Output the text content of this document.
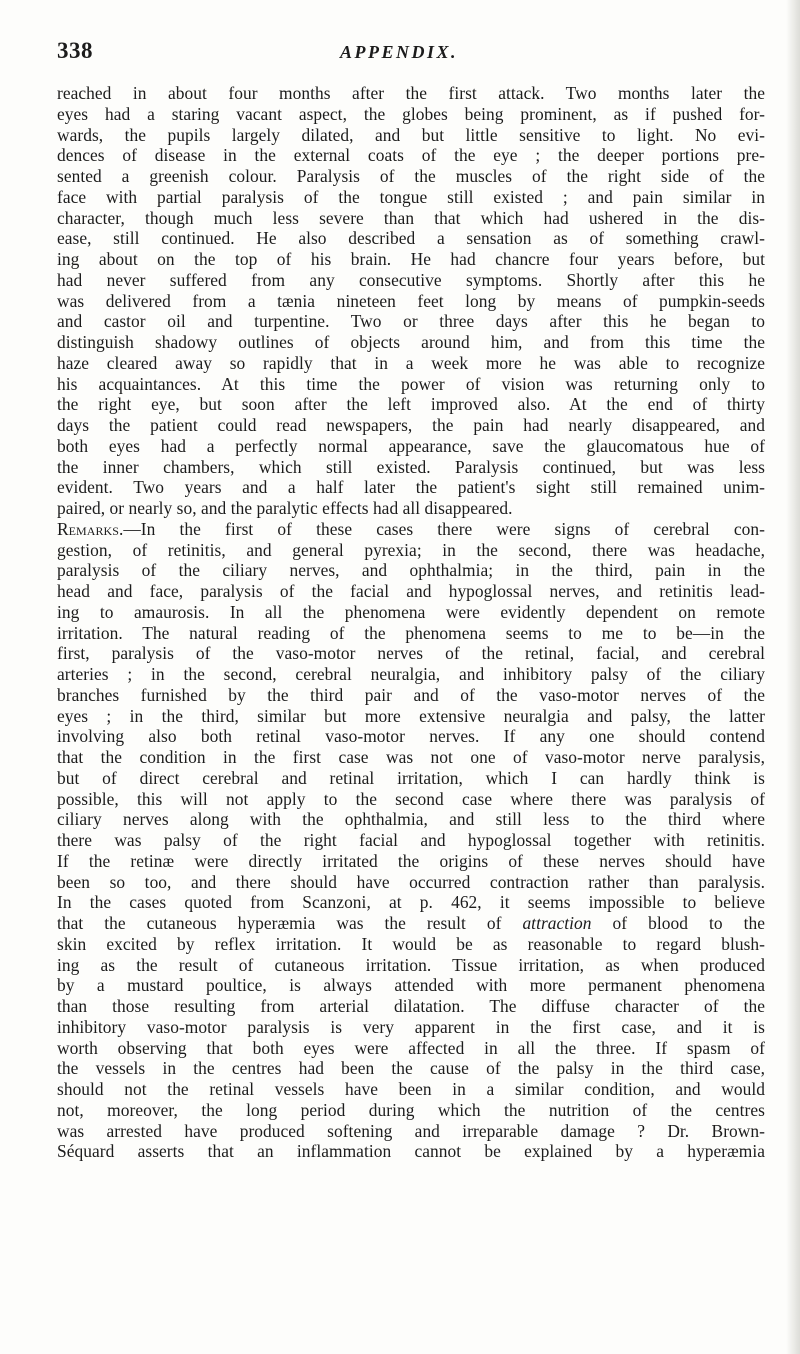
338	APPENDIX.
reached in about four months after the first attack. Two months later the
eyes had a staring vacant aspect, the globes being prominent, as if pushed for-
wards, the pupils largely dilated, and but little sensitive to light. No evi-
dences of disease in the external coats of the eye ; the deeper portions pre-
sented a greenish colour. Paralysis of the muscles of the right side of the
face with partial paralysis of the tongue still existed ; and pain similar in
character, though much less severe than that which had ushered in the dis-
ease, still continued. He also described a sensation as of something crawl-
ing about on the top of his brain. He had chancre four years before, but
had never suffered from any consecutive symptoms. Shortly after this he
was delivered from a tænia nineteen feet long by means of pumpkin-seeds
and castor oil and turpentine. Two or three days after this he began to
distinguish shadowy outlines of objects around him, and from this time the
haze cleared away so rapidly that in a week more he was able to recognize
his acquaintances. At this time the power of vision was returning only to
the right eye, but soon after the left improved also. At the end of thirty
days the patient could read newspapers, the pain had nearly disappeared, and
both eyes had a perfectly normal appearance, save the glaucomatous hue of
the inner chambers, which still existed. Paralysis continued, but was less
evident. Two years and a half later the patient's sight still remained unim-
paired, or nearly so, and the paralytic effects had all disappeared.
Remarks.—In the first of these cases there were signs of cerebral con-
gestion, of retinitis, and general pyrexia; in the second, there was headache,
paralysis of the ciliary nerves, and ophthalmia; in the third, pain in the
head and face, paralysis of the facial and hypoglossal nerves, and retinitis lead-
ing to amaurosis. In all the phenomena were evidently dependent on remote
irritation. The natural reading of the phenomena seems to me to be—in the
first, paralysis of the vaso-motor nerves of the retinal, facial, and cerebral
arteries ; in the second, cerebral neuralgia, and inhibitory palsy of the ciliary
branches furnished by the third pair and of the vaso-motor nerves of the
eyes ; in the third, similar but more extensive neuralgia and palsy, the latter
involving also both retinal vaso-motor nerves. If any one should contend
that the condition in the first case was not one of vaso-motor nerve paralysis,
but of direct cerebral and retinal irritation, which I can hardly think is
possible, this will not apply to the second case where there was paralysis of
ciliary nerves along with the ophthalmia, and still less to the third where
there was palsy of the right facial and hypoglossal together with retinitis.
If the retinæ were directly irritated the origins of these nerves should have
been so too, and there should have occurred contraction rather than paralysis.
In the cases quoted from Scanzoni, at p. 462, it seems impossible to believe
that the cutaneous hyperæmia was the result of attraction of blood to the
skin excited by reflex irritation. It would be as reasonable to regard blush-
ing as the result of cutaneous irritation. Tissue irritation, as when produced
by a mustard poultice, is always attended with more permanent phenomena
than those resulting from arterial dilatation. The diffuse character of the
inhibitory vaso-motor paralysis is very apparent in the first case, and it is
worth observing that both eyes were affected in all the three. If spasm of
the vessels in the centres had been the cause of the palsy in the third case,
should not the retinal vessels have been in a similar condition, and would
not, moreover, the long period during which the nutrition of the centres
was arrested have produced softening and irreparable damage ? Dr. Brown-
Séquard asserts that an inflammation cannot be explained by a hyperæmia
